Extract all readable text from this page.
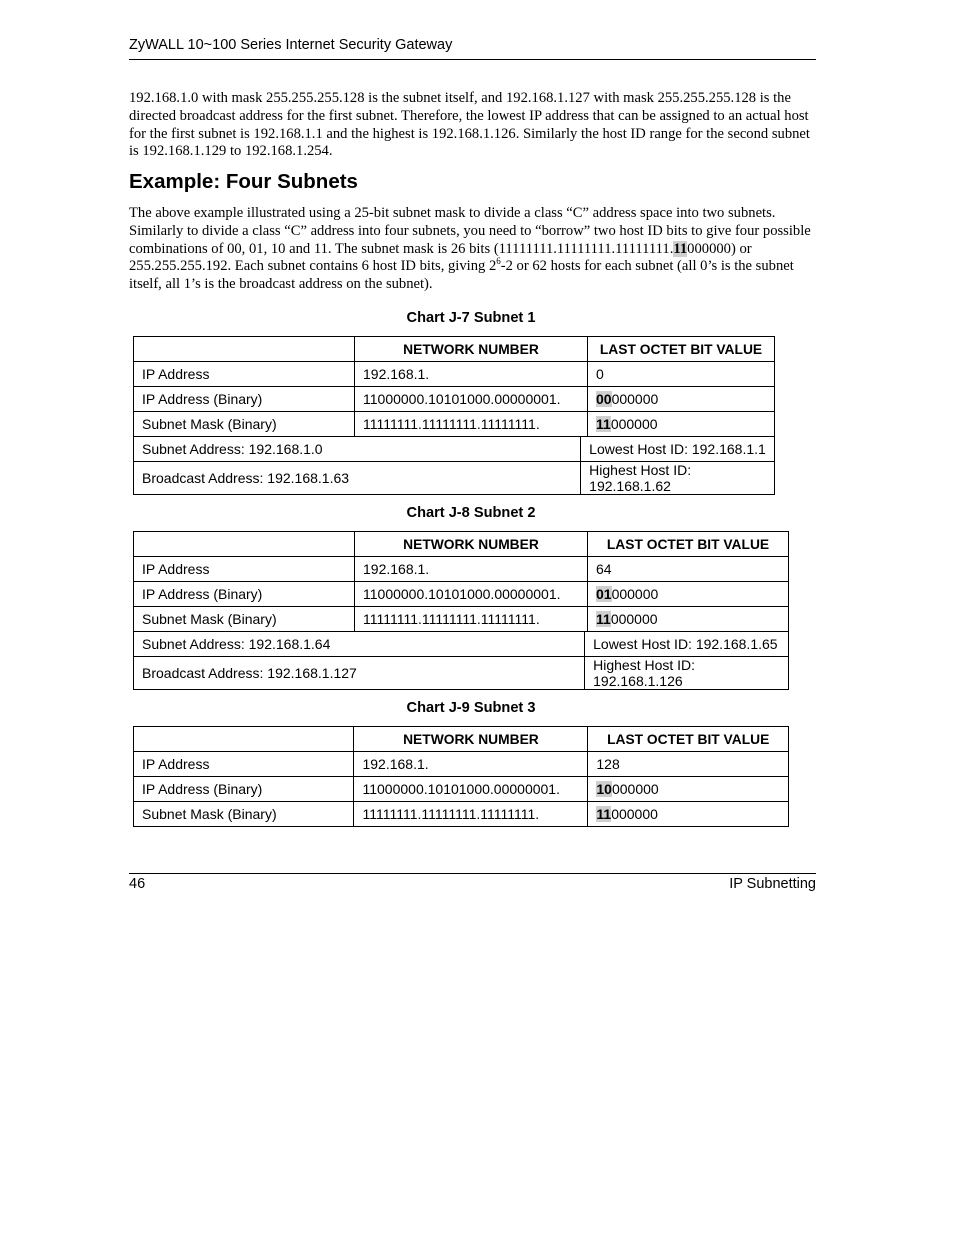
ZyWALL 10~100 Series Internet Security Gateway

192.168.1.0 with mask 255.255.255.128 is the subnet itself, and 192.168.1.127 with mask 255.255.255.128 is the directed broadcast address for the first subnet. Therefore, the lowest IP address that can be assigned to an actual host for the first subnet is 192.168.1.1 and the highest is 192.168.1.126. Similarly the host ID range for the second subnet is 192.168.1.129 to 192.168.1.254.

Example: Four Subnets

The above example illustrated using a 25-bit subnet mask to divide a class “C” address space into two subnets. Similarly to divide a class “C” address into four subnets, you need to “borrow” two host ID bits to give four possible combinations of 00, 01, 10 and 11. The subnet mask is 26 bits (11111111.11111111.11111111.11000000) or 255.255.255.192. Each subnet contains 6 host ID bits, giving $2^6-2$ or 62 hosts for each subnet (all 0’s is the subnet itself, all 1’s is the broadcast address on the subnet).

Chart J-7 Subnet 1
	NETWORK NUMBER		LAST OCTET BIT VALUE
IP Address	192.168.1.		0
IP Address (Binary)	11000000.10101000.00000001.		00000000
Subnet Mask (Binary)	11111111.11111111.11111111.		11000000
Subnet Address: 192.168.1.0		Lowest Host ID: 192.168.1.1	
Broadcast Address: 192.168.1.63		Highest Host ID: 192.168.1.62	
Chart J-8 Subnet 2
	NETWORK NUMBER		LAST OCTET BIT VALUE
IP Address	192.168.1.		64
IP Address (Binary)	11000000.10101000.00000001.		01000000
Subnet Mask (Binary)	11111111.11111111.11111111.		11000000
Subnet Address: 192.168.1.64		Lowest Host ID: 192.168.1.65	
Broadcast Address: 192.168.1.127		Highest Host ID: 192.168.1.126	
Chart J-9 Subnet 3
	NETWORK NUMBER	LAST OCTET BIT VALUE
IP Address	192.168.1.	128
IP Address (Binary)	11000000.10101000.00000001.	10000000
Subnet Mask (Binary)	11111111.11111111.11111111.	11000000
46	IP Subnetting
